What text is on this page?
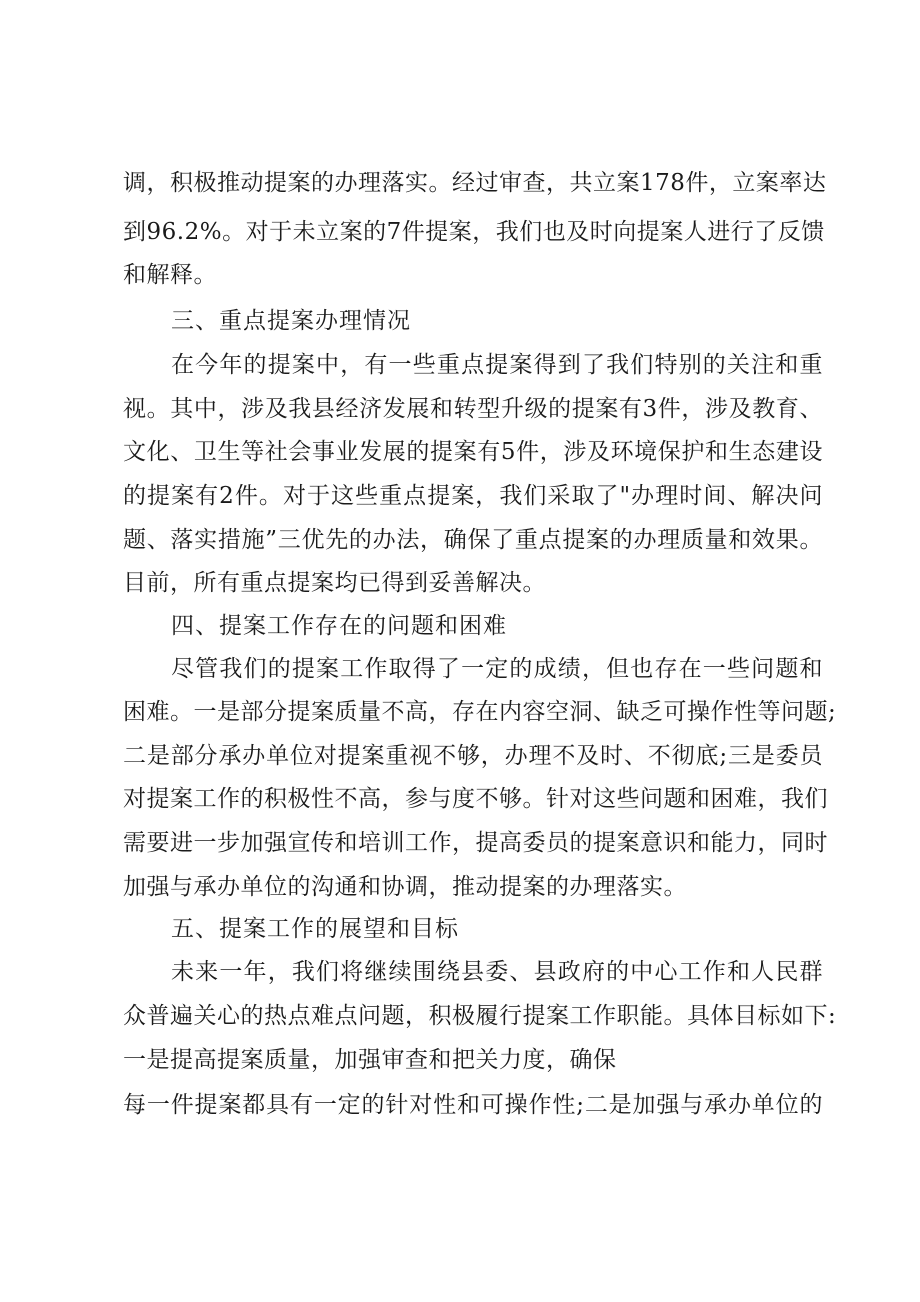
调，积极推动提案的办理落实。经过审查，共立案178件，立案率达
到96.2%。对于未立案的7件提案，我们也及时向提案人进行了反馈
和解释。
三、重点提案办理情况
在今年的提案中，有一些重点提案得到了我们特别的关注和重
视。其中，涉及我县经济发展和转型升级的提案有3件，涉及教育、
文化、卫生等社会事业发展的提案有5件，涉及环境保护和生态建设
的提案有2件。对于这些重点提案，我们采取了"办理时间、解决问
题、落实措施”三优先的办法，确保了重点提案的办理质量和效果。
目前，所有重点提案均已得到妥善解决。
四、提案工作存在的问题和困难
尽管我们的提案工作取得了一定的成绩，但也存在一些问题和
困难。一是部分提案质量不高，存在内容空洞、缺乏可操作性等问题;
二是部分承办单位对提案重视不够，办理不及时、不彻底;三是委员
对提案工作的积极性不高，参与度不够。针对这些问题和困难，我们
需要进一步加强宣传和培训工作，提高委员的提案意识和能力，同时
加强与承办单位的沟通和协调，推动提案的办理落实。
五、提案工作的展望和目标
未来一年，我们将继续围绕县委、县政府的中心工作和人民群
众普遍关心的热点难点问题，积极履行提案工作职能。具体目标如下:
一是提高提案质量，加强审查和把关力度，确保
每一件提案都具有一定的针对性和可操作性;二是加强与承办单位的
